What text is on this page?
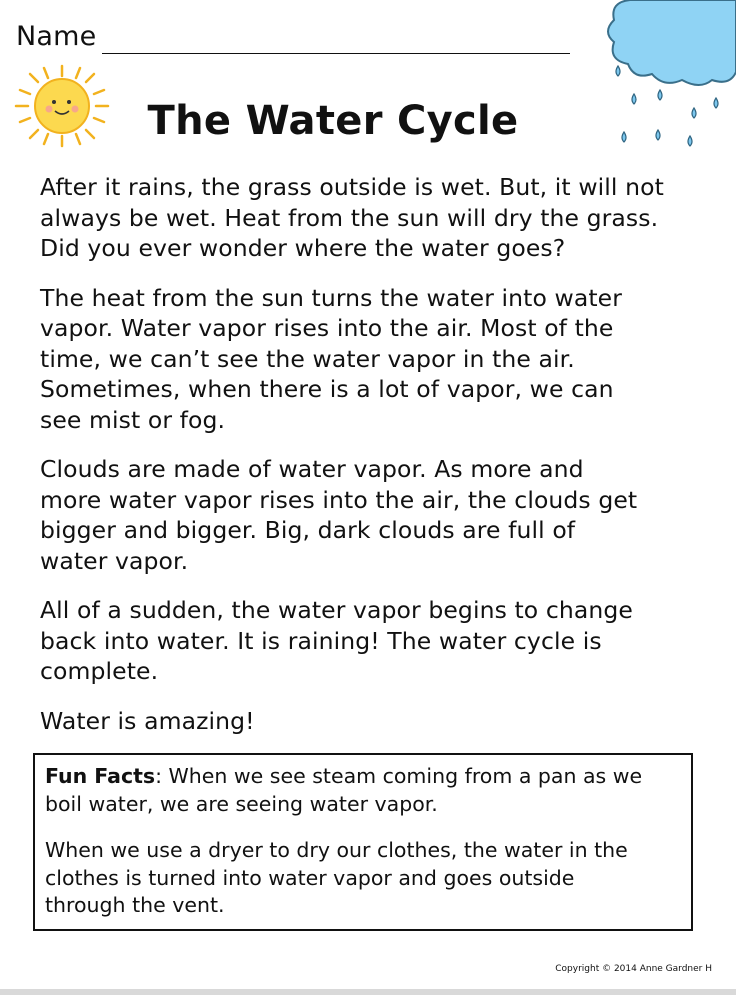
Name
The Water Cycle

After it rains, the grass outside is wet. But, it will not
always be wet. Heat from the sun will dry the grass.
Did you ever wonder where the water goes?

The heat from the sun turns the water into water
vapor. Water vapor rises into the air. Most of the
time, we can’t see the water vapor in the air.
Sometimes, when there is a lot of vapor, we can
see mist or fog.

Clouds are made of water vapor. As more and
more water vapor rises into the air, the clouds get
bigger and bigger. Big, dark clouds are full of
water vapor.

All of a sudden, the water vapor begins to change
back into water. It is raining! The water cycle is
complete.

Water is amazing!

Fun Facts: When we see steam coming from a pan as we
boil water, we are seeing water vapor.

When we use a dryer to dry our clothes, the water in the
clothes is turned into water vapor and goes outside
through the vent.

Copyright © 2014 Anne Gardner H
